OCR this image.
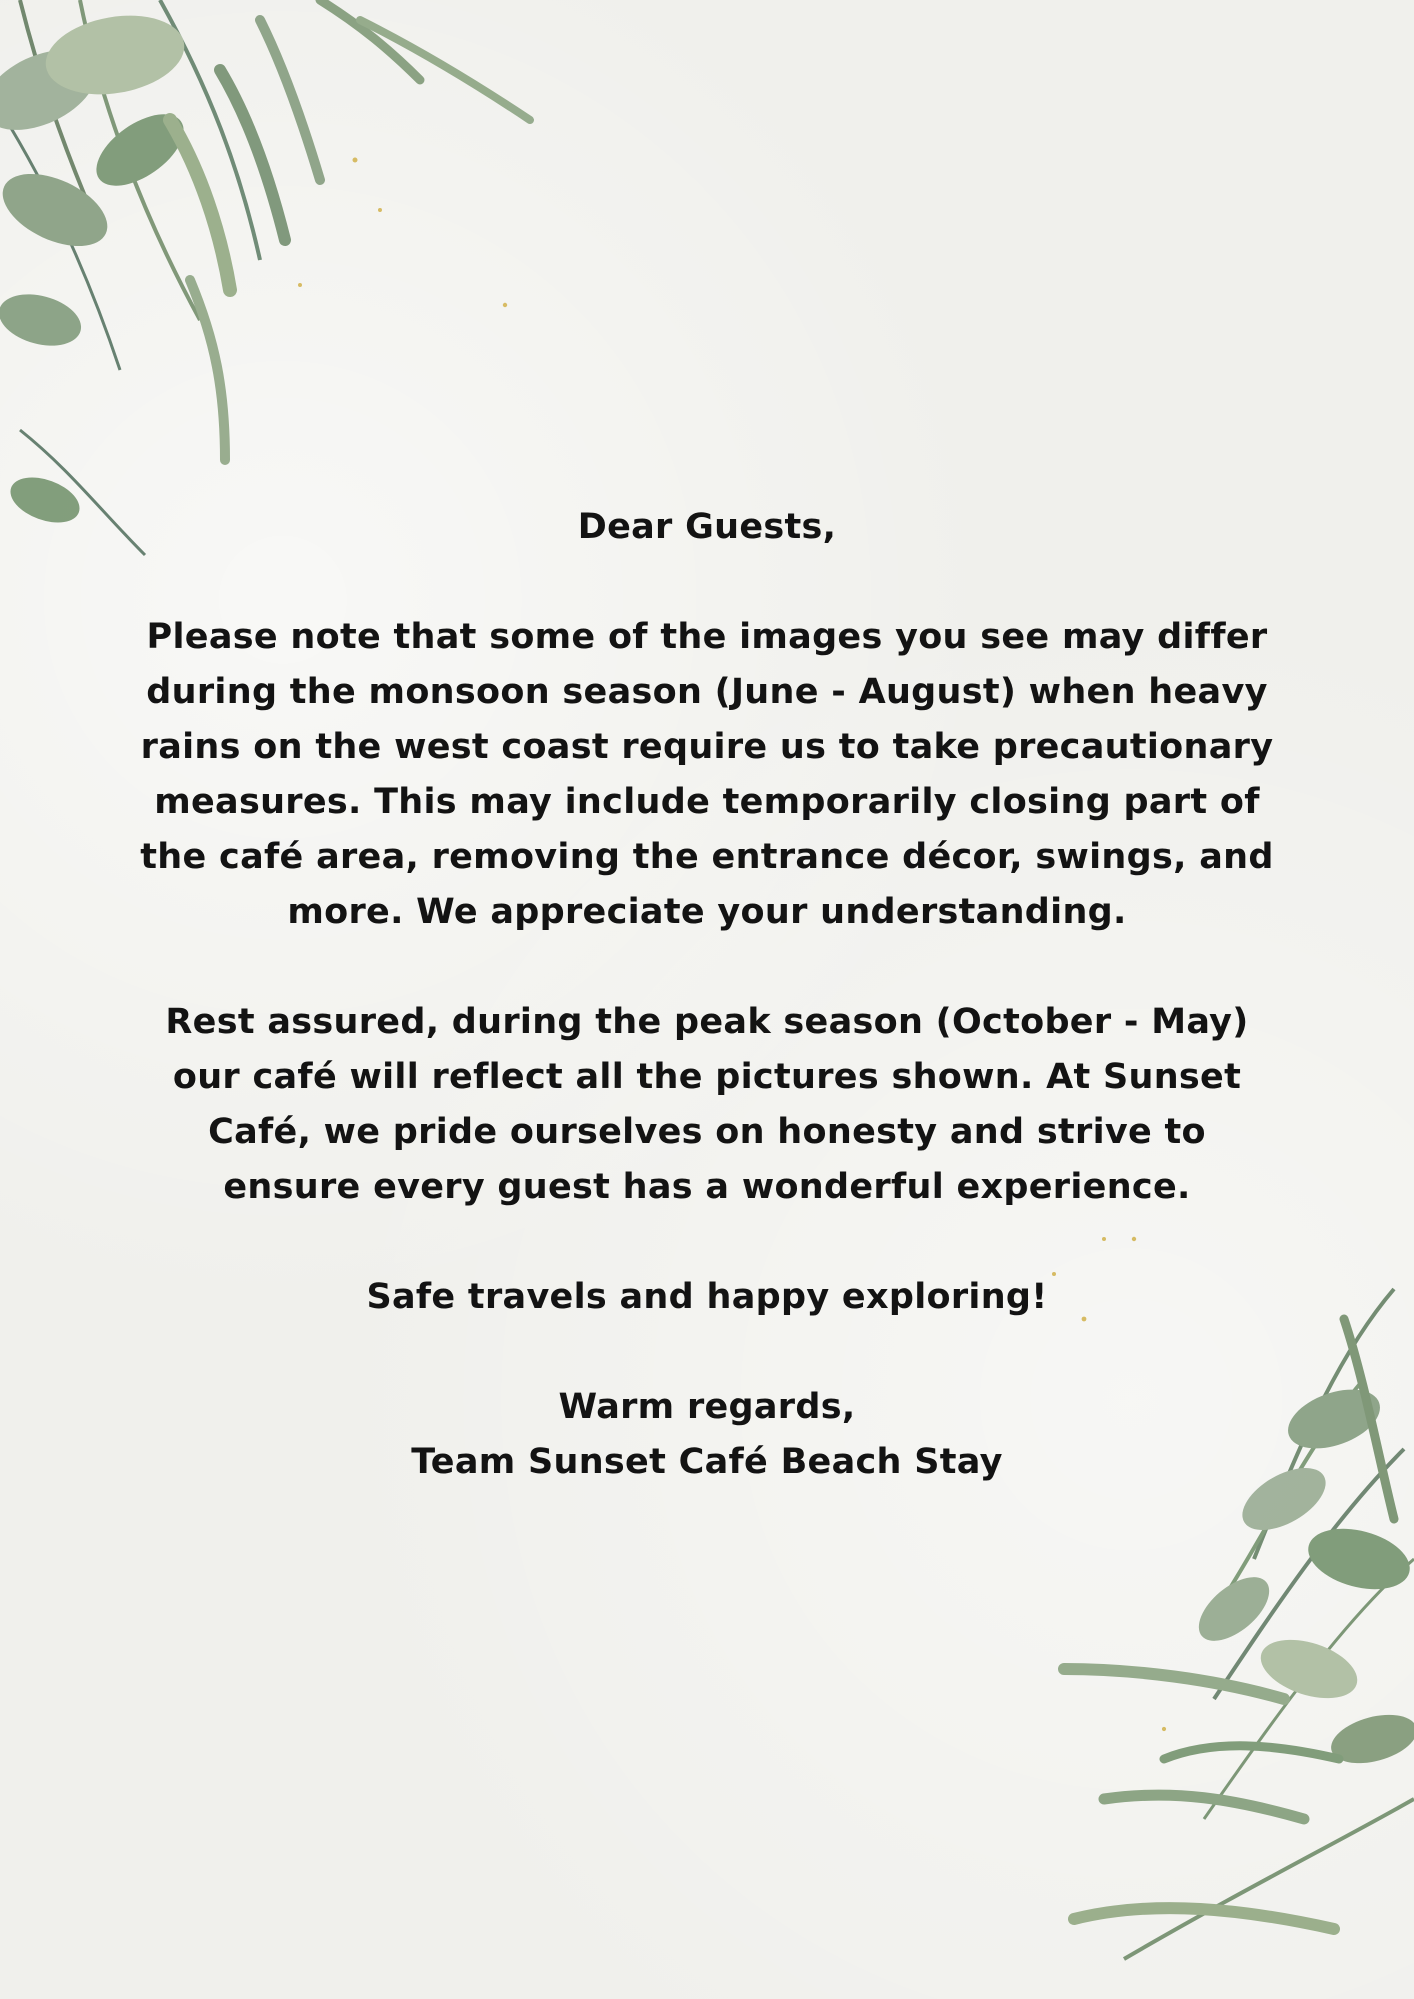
Dear Guests,

Please note that some of the images you see may differ during the monsoon season (June - August) when heavy rains on the west coast require us to take precautionary measures. This may include temporarily closing part of the café area, removing the entrance décor, swings, and more. We appreciate your understanding.

Rest assured, during the peak season (October - May) our café will reflect all the pictures shown. At Sunset Café, we pride ourselves on honesty and strive to ensure every guest has a wonderful experience.

Safe travels and happy exploring!

Warm regards,

Team Sunset Café Beach Stay
